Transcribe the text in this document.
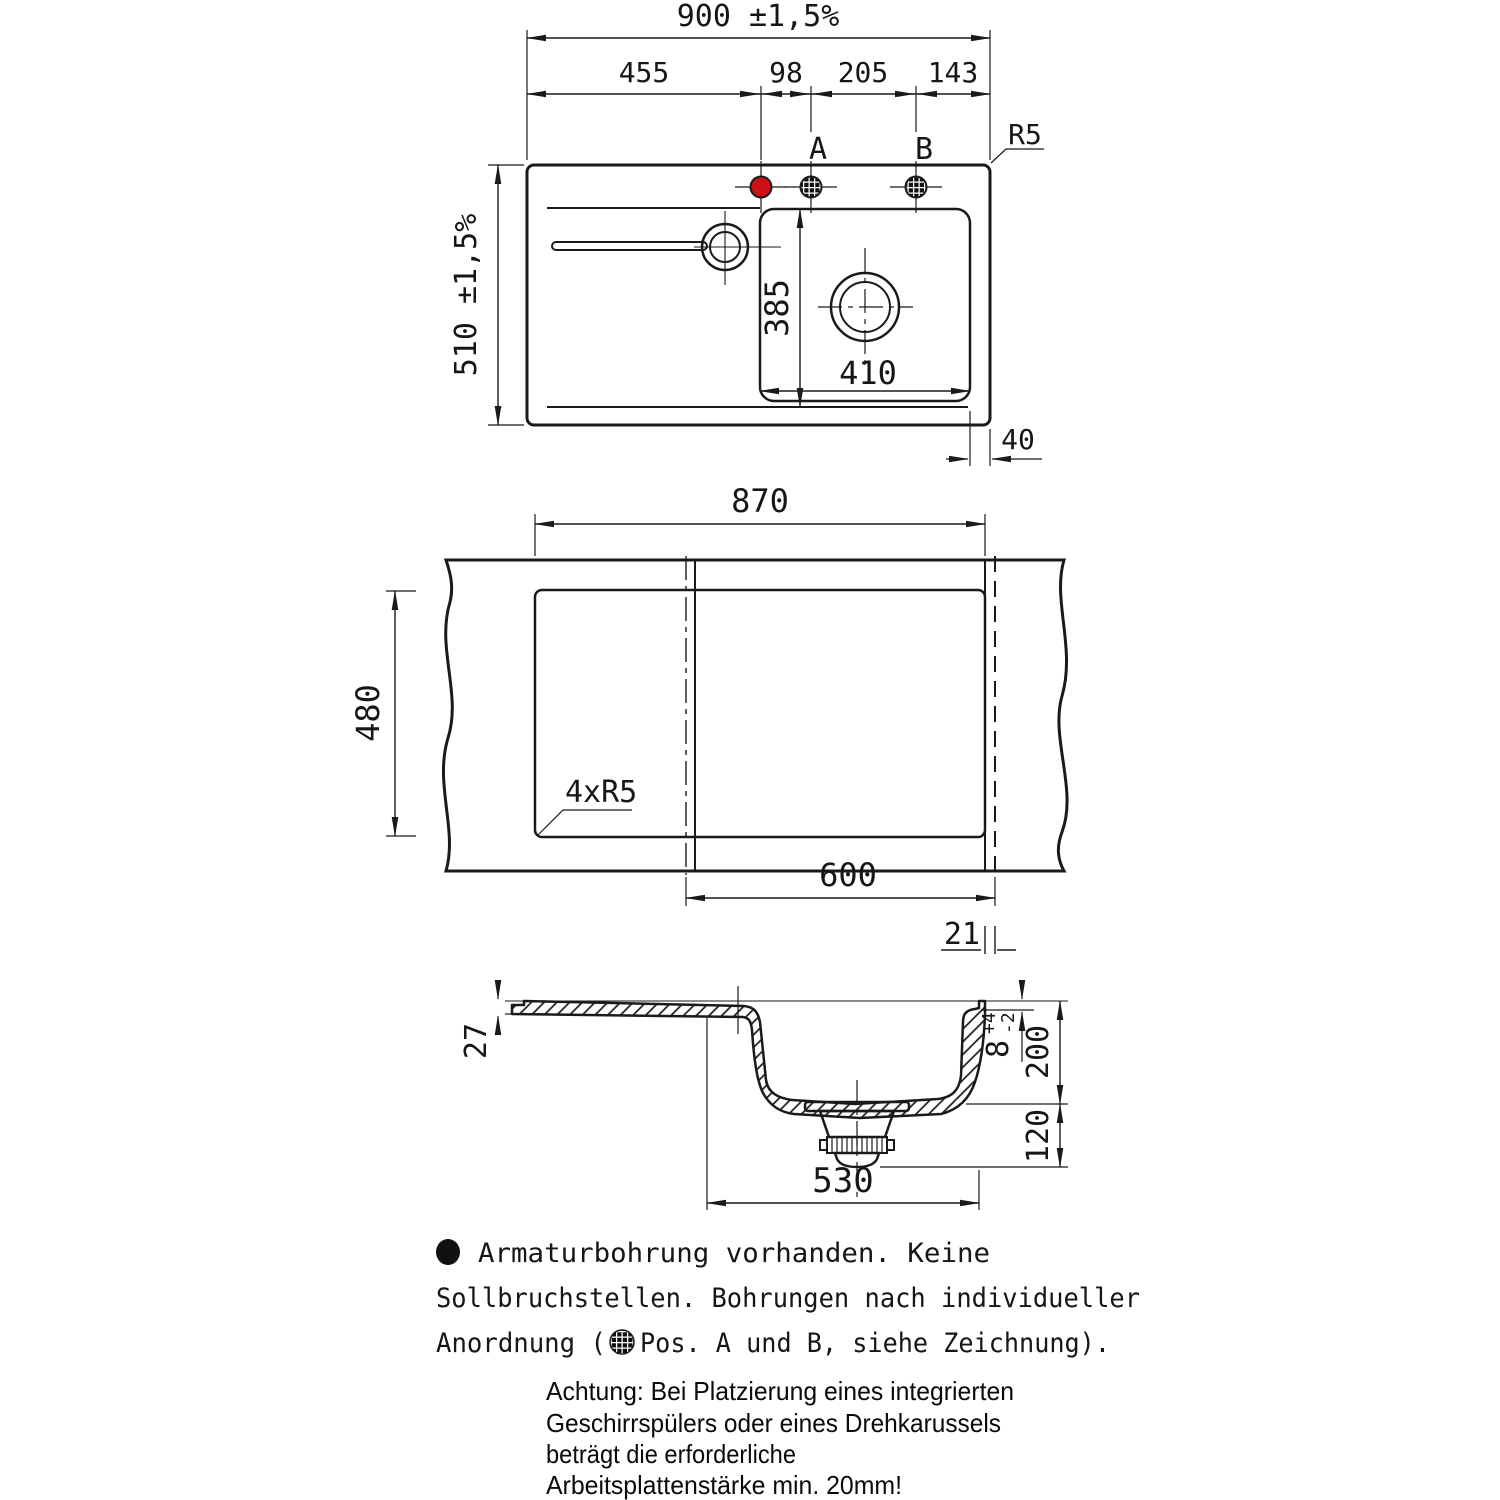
900 ±1,5%
455	98 205 143
A	B	R5
385
410
510 ±1,5%
40
870
480
4xR5
600
21
27	8
+4
-2
200
120
530
Armaturbohrung vorhanden. Keine
Sollbruchstellen. Bohrungen nach individueller
Anordnung ( Pos. A und B, siehe Zeichnung).
Achtung: Bei Platzierung eines integrierten
Geschirrspülers oder eines Drehkarussels
beträgt die erforderliche
Arbeitsplattenstärke min. 20mm!
